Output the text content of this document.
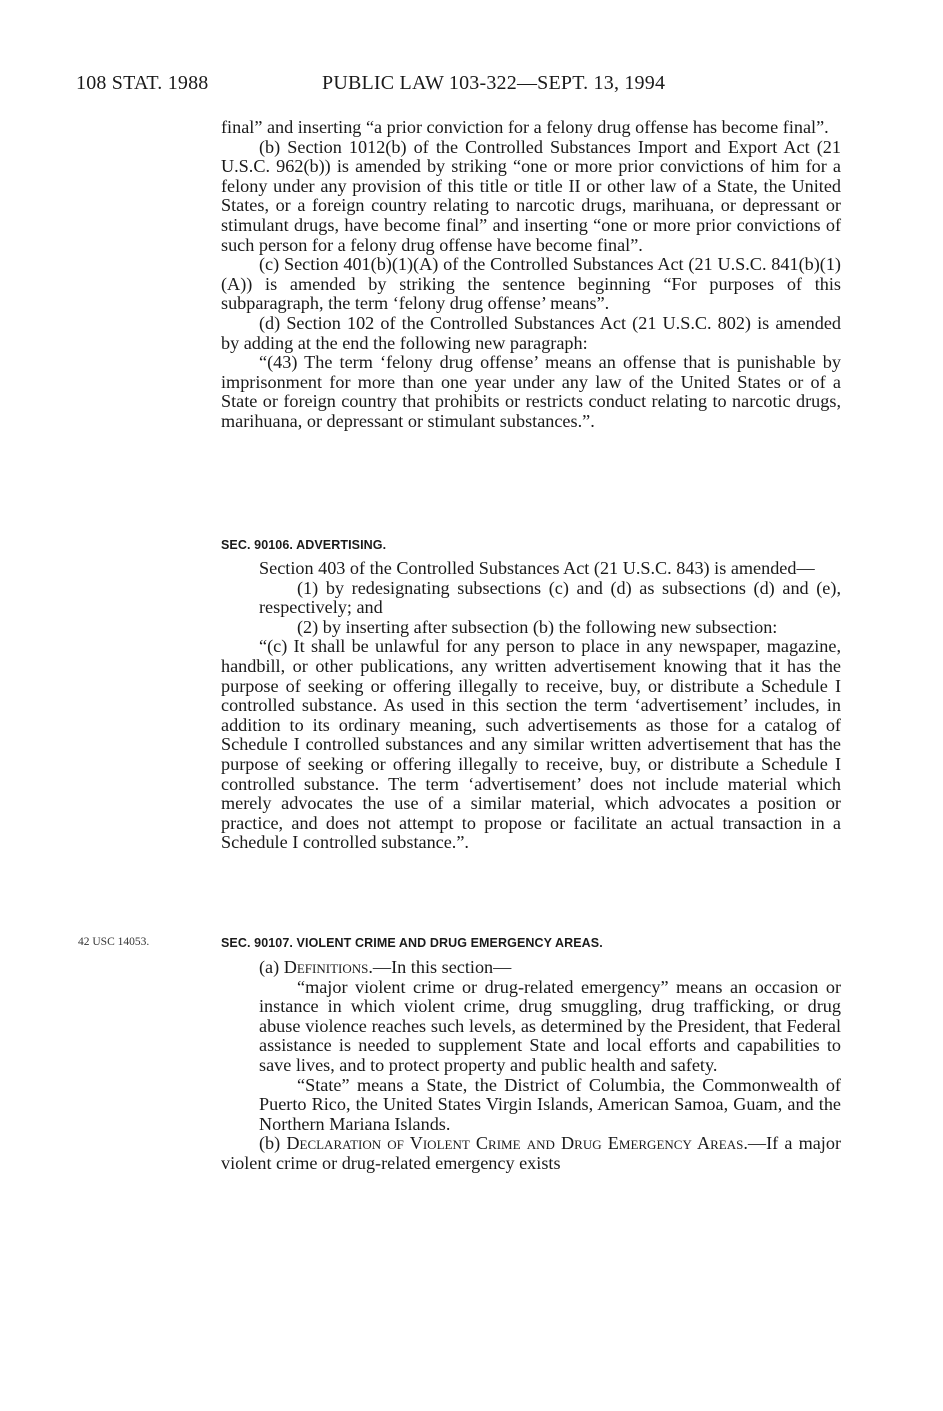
108 STAT. 1988	PUBLIC LAW 103-322—SEPT. 13, 1994

final” and inserting “a prior conviction for a felony drug offense has become final”.

(b) Section 1012(b) of the Controlled Substances Import and Export Act (21 U.S.C. 962(b)) is amended by striking “one or more prior convictions of him for a felony under any provision of this title or title II or other law of a State, the United States, or a foreign country relating to narcotic drugs, marihuana, or depressant or stimulant drugs, have become final” and inserting “one or more prior convictions of such person for a felony drug offense have become final”.

(c) Section 401(b)(1)(A) of the Controlled Substances Act (21 U.S.C. 841(b)(1)(A)) is amended by striking the sentence beginning “For purposes of this subparagraph, the term ‘felony drug offense’ means”.

(d) Section 102 of the Controlled Substances Act (21 U.S.C. 802) is amended by adding at the end the following new paragraph:

“(43) The term ‘felony drug offense’ means an offense that is punishable by imprisonment for more than one year under any law of the United States or of a State or foreign country that prohibits or restricts conduct relating to narcotic drugs, marihuana, or depressant or stimulant substances.”.

SEC. 90106. ADVERTISING.

Section 403 of the Controlled Substances Act (21 U.S.C. 843) is amended—

(1) by redesignating subsections (c) and (d) as subsections (d) and (e), respectively; and

(2) by inserting after subsection (b) the following new subsection:

“(c) It shall be unlawful for any person to place in any newspaper, magazine, handbill, or other publications, any written advertisement knowing that it has the purpose of seeking or offering illegally to receive, buy, or distribute a Schedule I controlled substance. As used in this section the term ‘advertisement’ includes, in addition to its ordinary meaning, such advertisements as those for a catalog of Schedule I controlled substances and any similar written advertisement that has the purpose of seeking or offering illegally to receive, buy, or distribute a Schedule I controlled substance. The term ‘advertisement’ does not include material which merely advocates the use of a similar material, which advocates a position or practice, and does not attempt to propose or facilitate an actual transaction in a Schedule I controlled substance.”.

42 USC 14053.	SEC. 90107. VIOLENT CRIME AND DRUG EMERGENCY AREAS.

(a) Definitions.—In this section—

“major violent crime or drug-related emergency” means an occasion or instance in which violent crime, drug smuggling, drug trafficking, or drug abuse violence reaches such levels, as determined by the President, that Federal assistance is needed to supplement State and local efforts and capabilities to save lives, and to protect property and public health and safety.

“State” means a State, the District of Columbia, the Commonwealth of Puerto Rico, the United States Virgin Islands, American Samoa, Guam, and the Northern Mariana Islands.

(b) Declaration of Violent Crime and Drug Emergency Areas.—If a major violent crime or drug-related emergency exists
